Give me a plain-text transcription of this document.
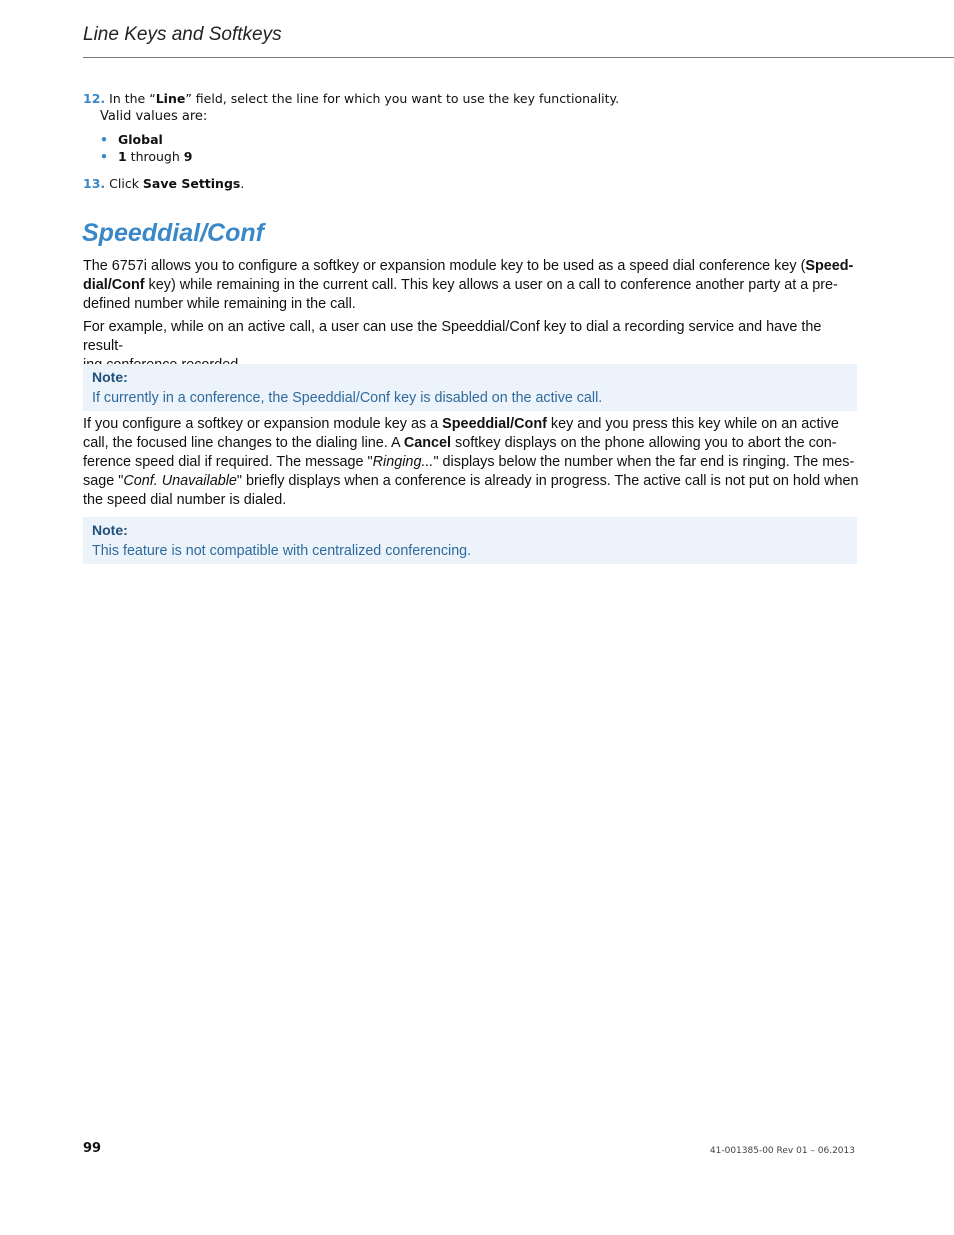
Line Keys and Softkeys
12. In the “Line” field, select the line for which you want to use the key functionality.
Valid values are:
• Global
• 1 through 9
13. Click Save Settings.
Speeddial/Conf

The 6757i allows you to configure a softkey or expansion module key to be used as a speed dial conference key (Speed-
dial/Conf key) while remaining in the current call. This key allows a user on a call to conference another party at a pre-
defined number while remaining in the call.

For example, while on an active call, a user can use the Speeddial/Conf key to dial a recording service and have the result-

Note:
If currently in a conference, the Speeddial/Conf key is disabled on the active call.

If you configure a softkey or expansion module key as a Speeddial/Conf key and you press this key while on an active
call, the focused line changes to the dialing line. A Cancel softkey displays on the phone allowing you to abort the con-
ference speed dial if required. The message "Ringing..." displays below the number when the far end is ringing. The mes-
sage "Conf. Unavailable" briefly displays when a conference is already in progress. The active call is not put on hold when
the speed dial number is dialed.

Note:
This feature is not compatible with centralized conferencing.
99	41-001385-00 Rev 01 – 06.2013
